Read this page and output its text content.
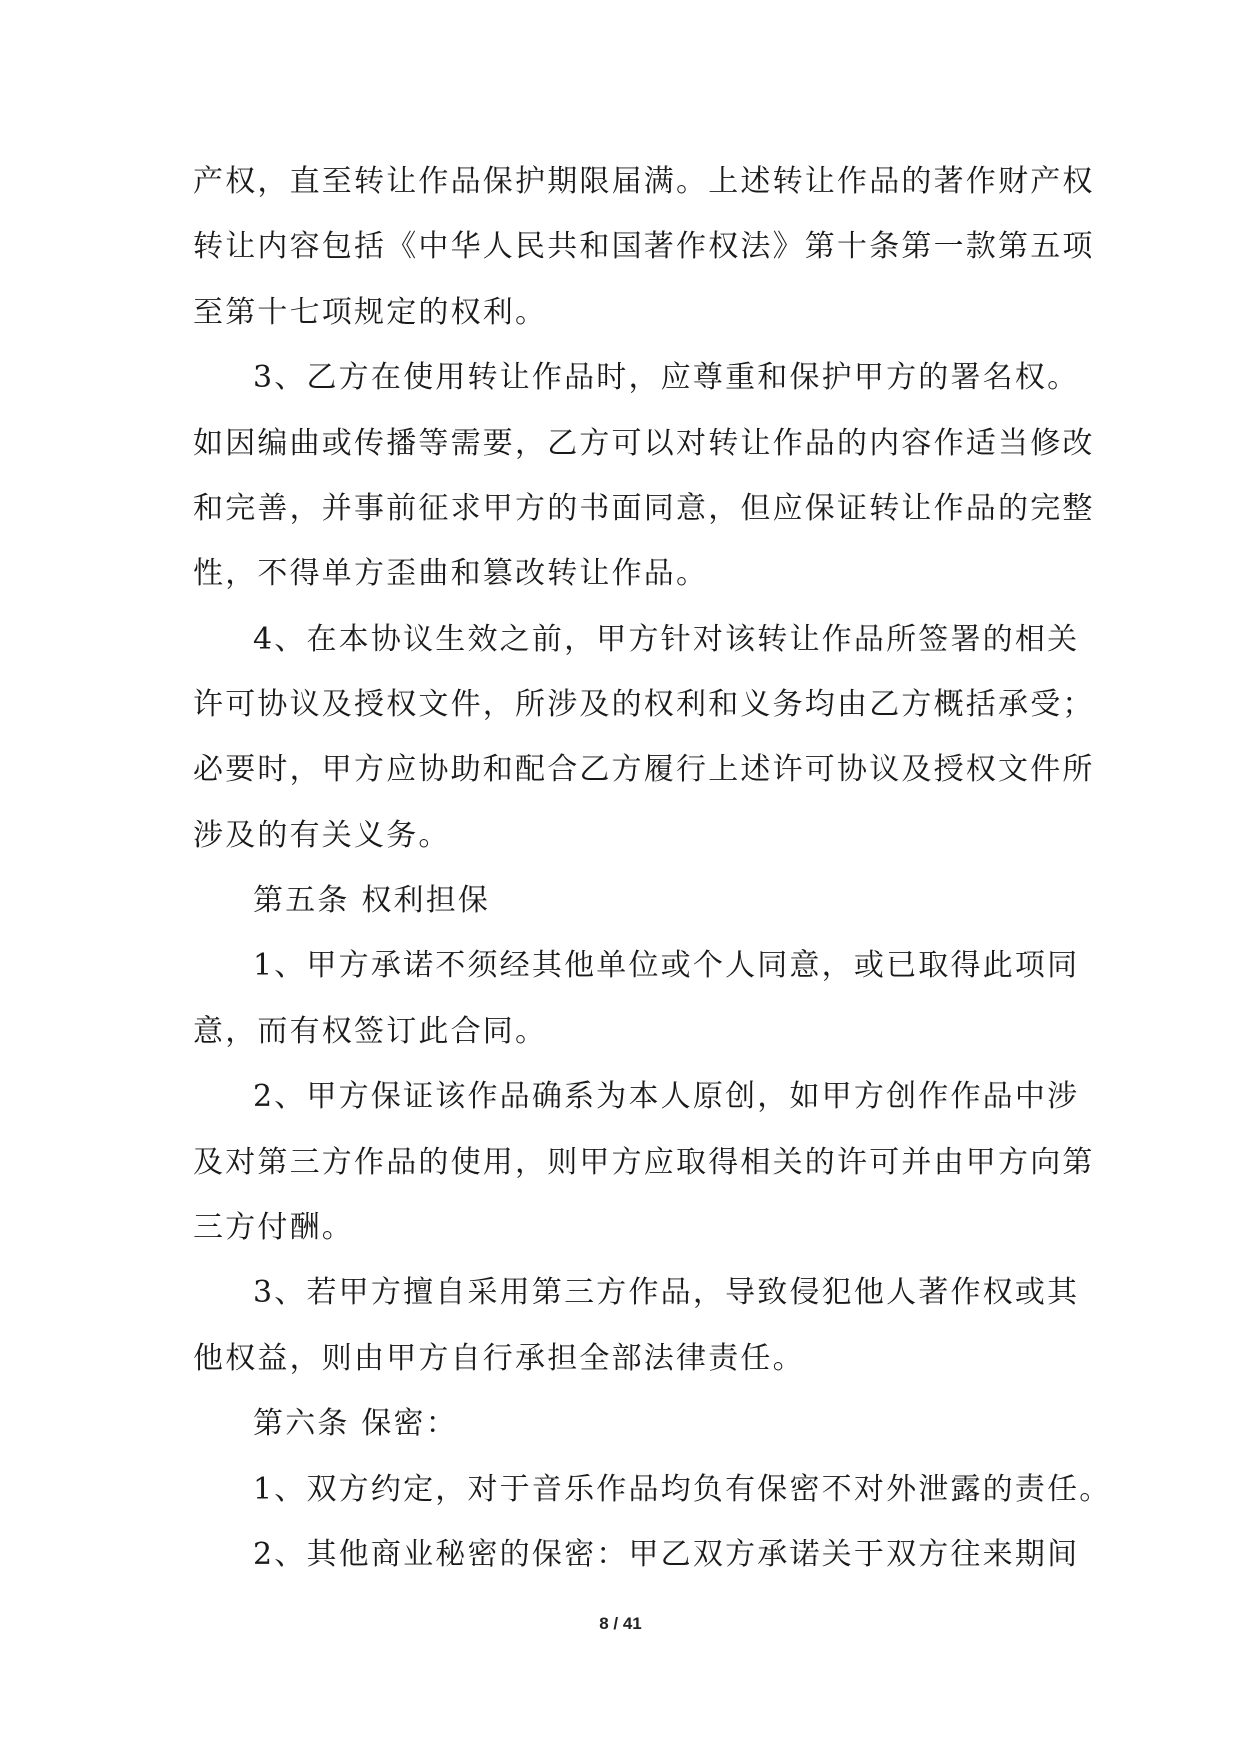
产权，直至转让作品保护期限届满。上述转让作品的著作财产权
转让内容包括《中华人民共和国著作权法》第十条第一款第五项
至第十七项规定的权利。
3、乙方在使用转让作品时，应尊重和保护甲方的署名权。
如因编曲或传播等需要，乙方可以对转让作品的内容作适当修改
和完善，并事前征求甲方的书面同意，但应保证转让作品的完整
性，不得单方歪曲和篡改转让作品。
4、在本协议生效之前，甲方针对该转让作品所签署的相关
许可协议及授权文件，所涉及的权利和义务均由乙方概括承受；
必要时，甲方应协助和配合乙方履行上述许可协议及授权文件所
涉及的有关义务。
第五条 权利担保
1、甲方承诺不须经其他单位或个人同意，或已取得此项同
意，而有权签订此合同。
2、甲方保证该作品确系为本人原创，如甲方创作作品中涉
及对第三方作品的使用，则甲方应取得相关的许可并由甲方向第
三方付酬。
3、若甲方擅自采用第三方作品，导致侵犯他人著作权或其
他权益，则由甲方自行承担全部法律责任。
第六条 保密：
1、双方约定，对于音乐作品均负有保密不对外泄露的责任。
2、其他商业秘密的保密：甲乙双方承诺关于双方往来期间
8 / 41
